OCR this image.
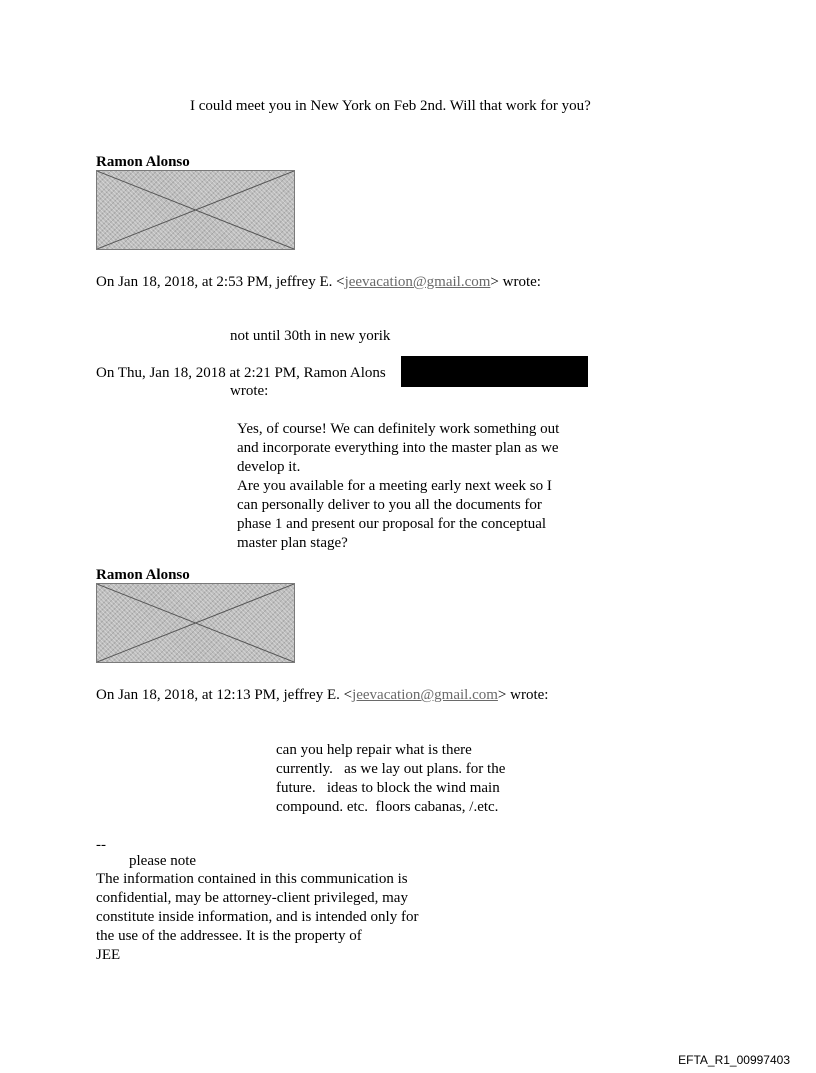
I could meet you in New York on Feb 2nd. Will that work for you?
Ramon Alonso
On Jan 18, 2018, at 2:53 PM, jeffrey E. <jeevacation@gmail.com> wrote:
not until 30th in new yorik
On Thu, Jan 18, 2018 at 2:21 PM, Ramon Alons
wrote:
Yes, of course! We can definitely work something out
and incorporate everything into the master plan as we
develop it.
Are you available for a meeting early next week so I
can personally deliver to you all the documents for
phase 1 and present our proposal for the conceptual
master plan stage?
Ramon Alonso
On Jan 18, 2018, at 12:13 PM, jeffrey E. <jeevacation@gmail.com> wrote:
can you help repair what is there
currently.   as we lay out plans. for the
future.   ideas to block the wind main
compound. etc.  floors cabanas, /.etc.
--
please note
The information contained in this communication is
confidential, may be attorney-client privileged, may
constitute inside information, and is intended only for
the use of the addressee. It is the property of
JEE
EFTA_R1_00997403
